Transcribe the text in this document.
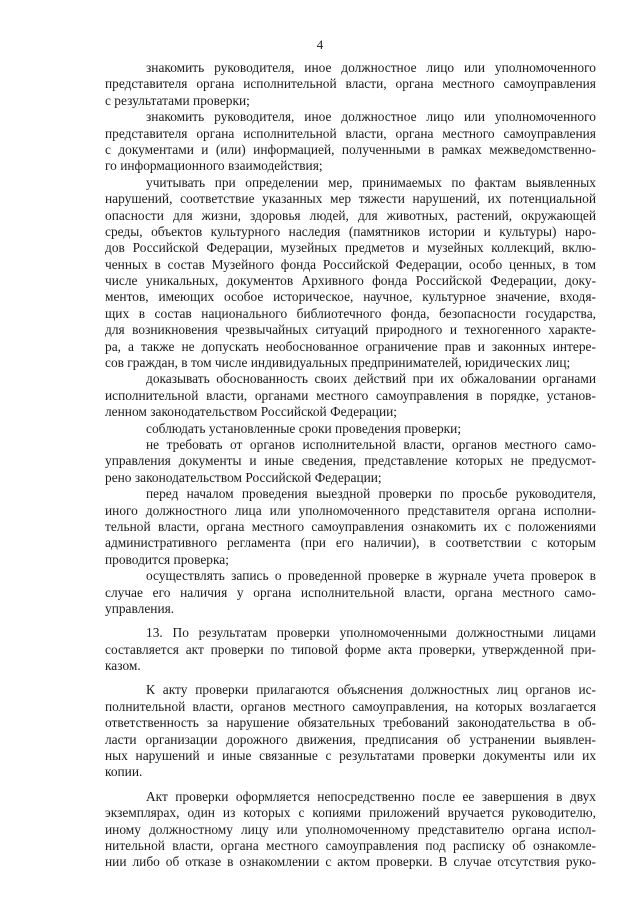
4
знакомить руководителя, иное должностное лицо или уполномоченного
представителя органа исполнительной власти, органа местного самоуправления
с результатами проверки;
знакомить руководителя, иное должностное лицо или уполномоченного
представителя органа исполнительной власти, органа местного самоуправления
с документами и (или) информацией, полученными в рамках межведомственно-
го информационного взаимодействия;
учитывать при определении мер, принимаемых по фактам выявленных
нарушений, соответствие указанных мер тяжести нарушений, их потенциальной
опасности для жизни, здоровья людей, для животных, растений, окружающей
среды, объектов культурного наследия (памятников истории и культуры) наро-
дов Российской Федерации, музейных предметов и музейных коллекций, вклю-
ченных в состав Музейного фонда Российской Федерации, особо ценных, в том
числе уникальных, документов Архивного фонда Российской Федерации, доку-
ментов, имеющих особое историческое, научное, культурное значение, входя-
щих в состав национального библиотечного фонда, безопасности государства,
для возникновения чрезвычайных ситуаций природного и техногенного характе-
ра, а также не допускать необоснованное ограничение прав и законных интере-
сов граждан, в том числе индивидуальных предпринимателей, юридических лиц;
доказывать обоснованность своих действий при их обжаловании органами
исполнительной власти, органами местного самоуправления в порядке, установ-
ленном законодательством Российской Федерации;
соблюдать установленные сроки проведения проверки;
не требовать от органов исполнительной власти, органов местного само-
управления документы и иные сведения, представление которых не предусмот-
рено законодательством Российской Федерации;
перед началом проведения выездной проверки по просьбе руководителя,
иного должностного лица или уполномоченного представителя органа исполни-
тельной власти, органа местного самоуправления ознакомить их с положениями
административного регламента (при его наличии), в соответствии с которым
проводится проверка;
осуществлять запись о проведенной проверке в журнале учета проверок в
случае его наличия у органа исполнительной власти, органа местного само-
управления.
13. По результатам проверки уполномоченными должностными лицами
составляется акт проверки по типовой форме акта проверки, утвержденной при-
казом.
К акту проверки прилагаются объяснения должностных лиц органов ис-
полнительной власти, органов местного самоуправления, на которых возлагается
ответственность за нарушение обязательных требований законодательства в об-
ласти организации дорожного движения, предписания об устранении выявлен-
ных нарушений и иные связанные с результатами проверки документы или их
копии.
Акт проверки оформляется непосредственно после ее завершения в двух
экземплярах, один из которых с копиями приложений вручается руководителю,
иному должностному лицу или уполномоченному представителю органа испол-
нительной власти, органа местного самоуправления под расписку об ознакомле-
нии либо об отказе в ознакомлении с актом проверки. В случае отсутствия руко-
